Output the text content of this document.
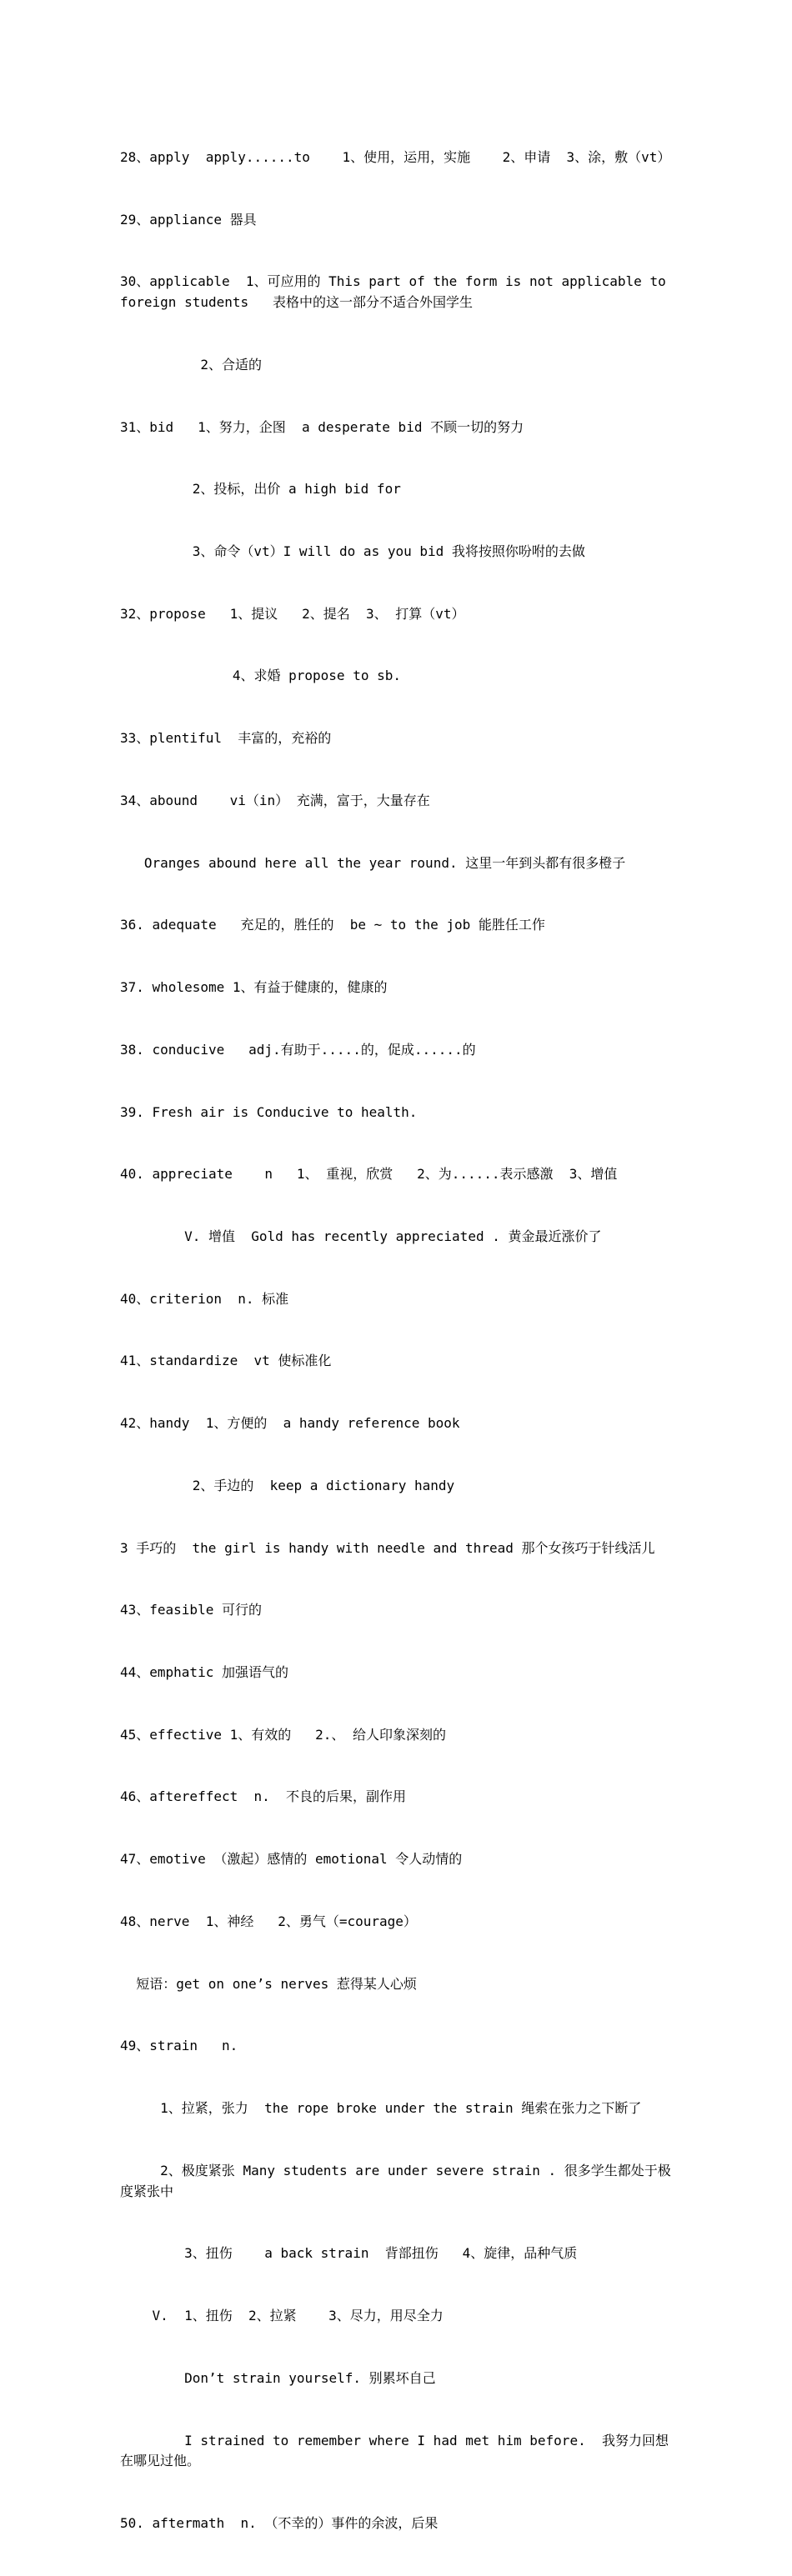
28、apply  apply......to    1、使用，运用，实施    2、申请  3、涂，敷（vt）

29、appliance 器具

30、applicable  1、可应用的 This part of the form is not applicable to foreign students   表格中的这一部分不适合外国学生

2、合适的

31、bid   1、努力，企图  a desperate bid 不顾一切的努力

2、投标，出价 a high bid for

3、命令（vt）I will do as you bid 我将按照你吩咐的去做

32、propose   1、提议   2、提名  3、 打算（vt）

4、求婚 propose to sb.

33、plentiful  丰富的，充裕的

34、abound    vi（in） 充满，富于，大量存在

Oranges abound here all the year round. 这里一年到头都有很多橙子

36. adequate   充足的，胜任的  be ~ to the job 能胜任工作

37. wholesome 1、有益于健康的，健康的

38. conducive   adj.有助于.....的，促成......的

39. Fresh air is Conducive to health.

40. appreciate    n   1、 重视，欣赏   2、为......表示感激  3、增值

V. 增值  Gold has recently appreciated . 黄金最近涨价了

40、criterion  n. 标准

41、standardize  vt 使标准化

42、handy  1、方便的  a handy reference book

2、手边的  keep a dictionary handy

3 手巧的  the girl is handy with needle and thread 那个女孩巧于针线活儿

43、feasible 可行的

44、emphatic 加强语气的

45、effective 1、有效的   2.、 给人印象深刻的

46、aftereffect  n.  不良的后果，副作用

47、emotive （激起）感情的 emotional 令人动情的

48、nerve  1、神经   2、勇气（=courage）

短语：get on one’s nerves 惹得某人心烦

49、strain   n.

1、拉紧，张力  the rope broke under the strain 绳索在张力之下断了

2、极度紧张 Many students are under severe strain . 很多学生都处于极度紧张中

3、扭伤    a back strain  背部扭伤   4、旋律，品种气质

V.  1、扭伤  2、拉紧    3、尽力，用尽全力

Don’t strain yourself. 别累坏自己

I strained to remember where I had met him before.  我努力回想在哪见过他。

50. aftermath  n. （不幸的）事件的余波，后果
